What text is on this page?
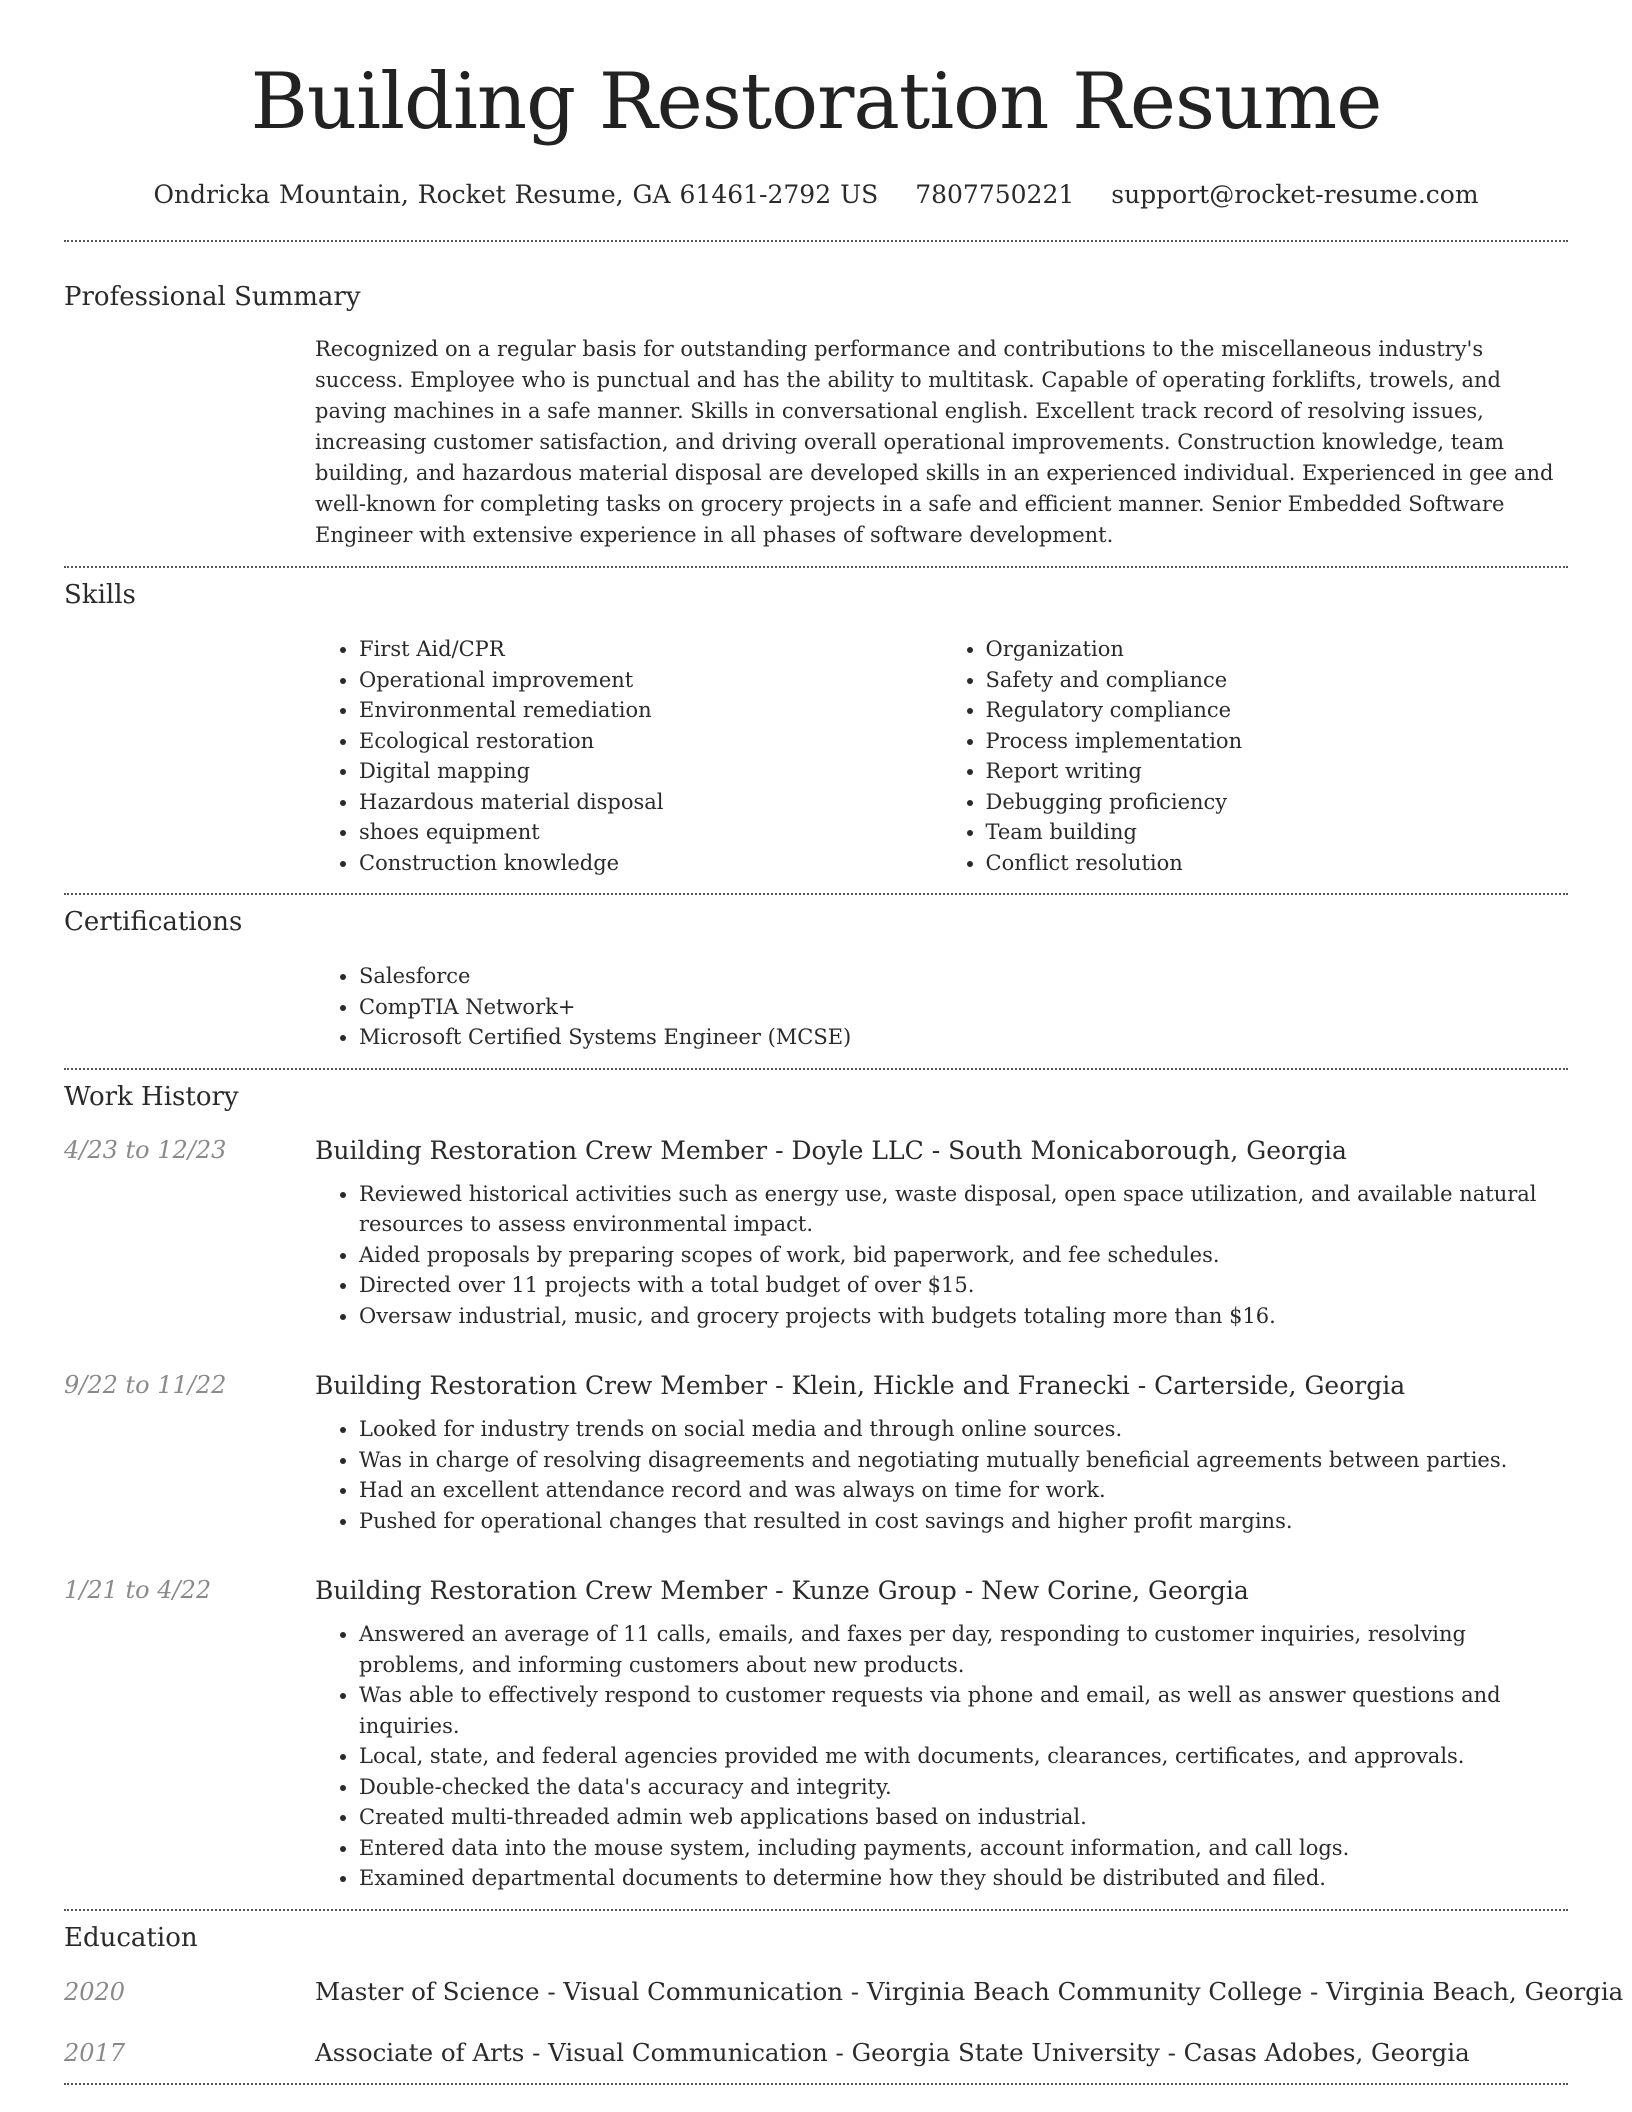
Building Restoration Resume
Ondricka Mountain, Rocket Resume, GA 61461-2792 US 7807750221 support@rocket-resume.com
Professional Summary
Recognized on a regular basis for outstanding performance and contributions to the miscellaneous industry's success. Employee who is punctual and has the ability to multitask. Capable of operating forklifts, trowels, and paving machines in a safe manner. Skills in conversational english. Excellent track record of resolving issues, increasing customer satisfaction, and driving overall operational improvements. Construction knowledge, team building, and hazardous material disposal are developed skills in an experienced individual. Experienced in gee and well-known for completing tasks on grocery projects in a safe and efficient manner. Senior Embedded Software Engineer with extensive experience in all phases of software development.
Skills
• First Aid/CPR
• Operational improvement
• Environmental remediation
• Ecological restoration
• Digital mapping
• Hazardous material disposal
• shoes equipment
• Construction knowledge
• Organization
• Safety and compliance
• Regulatory compliance
• Process implementation
• Report writing
• Debugging proficiency
• Team building
• Conflict resolution
Certifications
• Salesforce
• CompTIA Network+
• Microsoft Certified Systems Engineer (MCSE)
Work History
4/23 to 12/23	Building Restoration Crew Member - Doyle LLC - South Monicaborough, Georgia
• Reviewed historical activities such as energy use, waste disposal, open space utilization, and available natural resources to assess environmental impact.
• Aided proposals by preparing scopes of work, bid paperwork, and fee schedules.
• Directed over 11 projects with a total budget of over $15.
• Oversaw industrial, music, and grocery projects with budgets totaling more than $16.
9/22 to 11/22	Building Restoration Crew Member - Klein, Hickle and Franecki - Carterside, Georgia
• Looked for industry trends on social media and through online sources.
• Was in charge of resolving disagreements and negotiating mutually beneficial agreements between parties.
• Had an excellent attendance record and was always on time for work.
• Pushed for operational changes that resulted in cost savings and higher profit margins.
1/21 to 4/22	Building Restoration Crew Member - Kunze Group - New Corine, Georgia
• Answered an average of 11 calls, emails, and faxes per day, responding to customer inquiries, resolving problems, and informing customers about new products.
• Was able to effectively respond to customer requests via phone and email, as well as answer questions and inquiries.
• Local, state, and federal agencies provided me with documents, clearances, certificates, and approvals.
• Double-checked the data's accuracy and integrity.
• Created multi-threaded admin web applications based on industrial.
• Entered data into the mouse system, including payments, account information, and call logs.
• Examined departmental documents to determine how they should be distributed and filed.
Education
2020	Master of Science - Visual Communication - Virginia Beach Community College - Virginia Beach, Georgia
2017	Associate of Arts - Visual Communication - Georgia State University - Casas Adobes, Georgia
